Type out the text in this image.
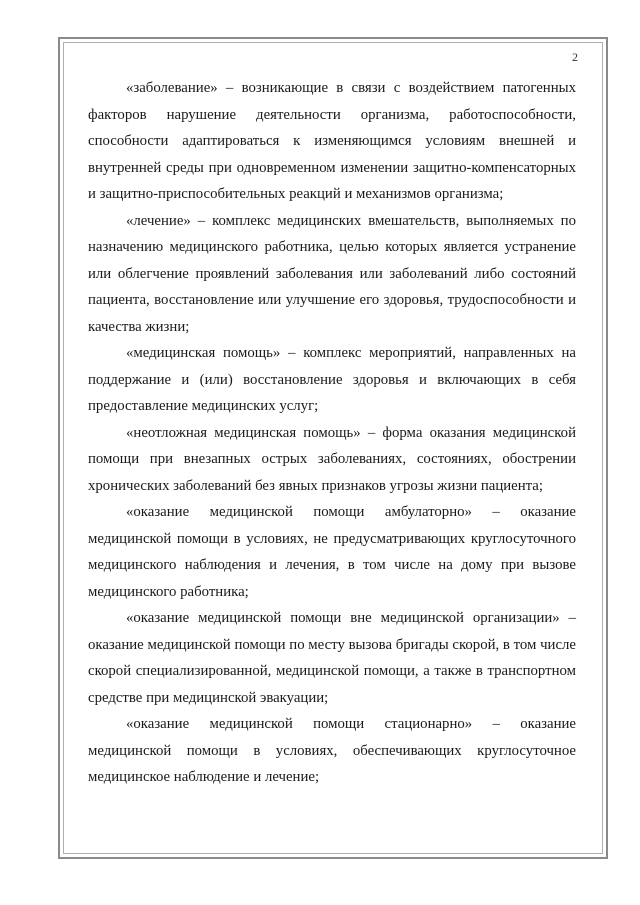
2

«заболевание» – возникающие в связи с воздействием патогенных факторов нарушение деятельности организма, работоспособности, способности адаптироваться к изменяющимся условиям внешней и внутренней среды при одновременном изменении защитно-компенсаторных и защитно-приспособительных реакций и механизмов организма;

«лечение» – комплекс медицинских вмешательств, выполняемых по назначению медицинского работника, целью которых является устранение или облегчение проявлений заболевания или заболеваний либо состояний пациента, восстановление или улучшение его здоровья, трудоспособности и качества жизни;

«медицинская помощь» – комплекс мероприятий, направленных на поддержание и (или) восстановление здоровья и включающих в себя предоставление медицинских услуг;

«неотложная медицинская помощь» – форма оказания медицинской помощи при внезапных острых заболеваниях, состояниях, обострении хронических заболеваний без явных признаков угрозы жизни пациента;

«оказание медицинской помощи амбулаторно» – оказание медицинской помощи в условиях, не предусматривающих круглосуточного медицинского наблюдения и лечения, в том числе на дому при вызове медицинского работника;

«оказание медицинской помощи вне медицинской организации» – оказание медицинской помощи по месту вызова бригады скорой, в том числе скорой специализированной, медицинской помощи, а также в транспортном средстве при медицинской эвакуации;

«оказание медицинской помощи стационарно» – оказание медицинской помощи в условиях, обеспечивающих круглосуточное медицинское наблюдение и лечение;
